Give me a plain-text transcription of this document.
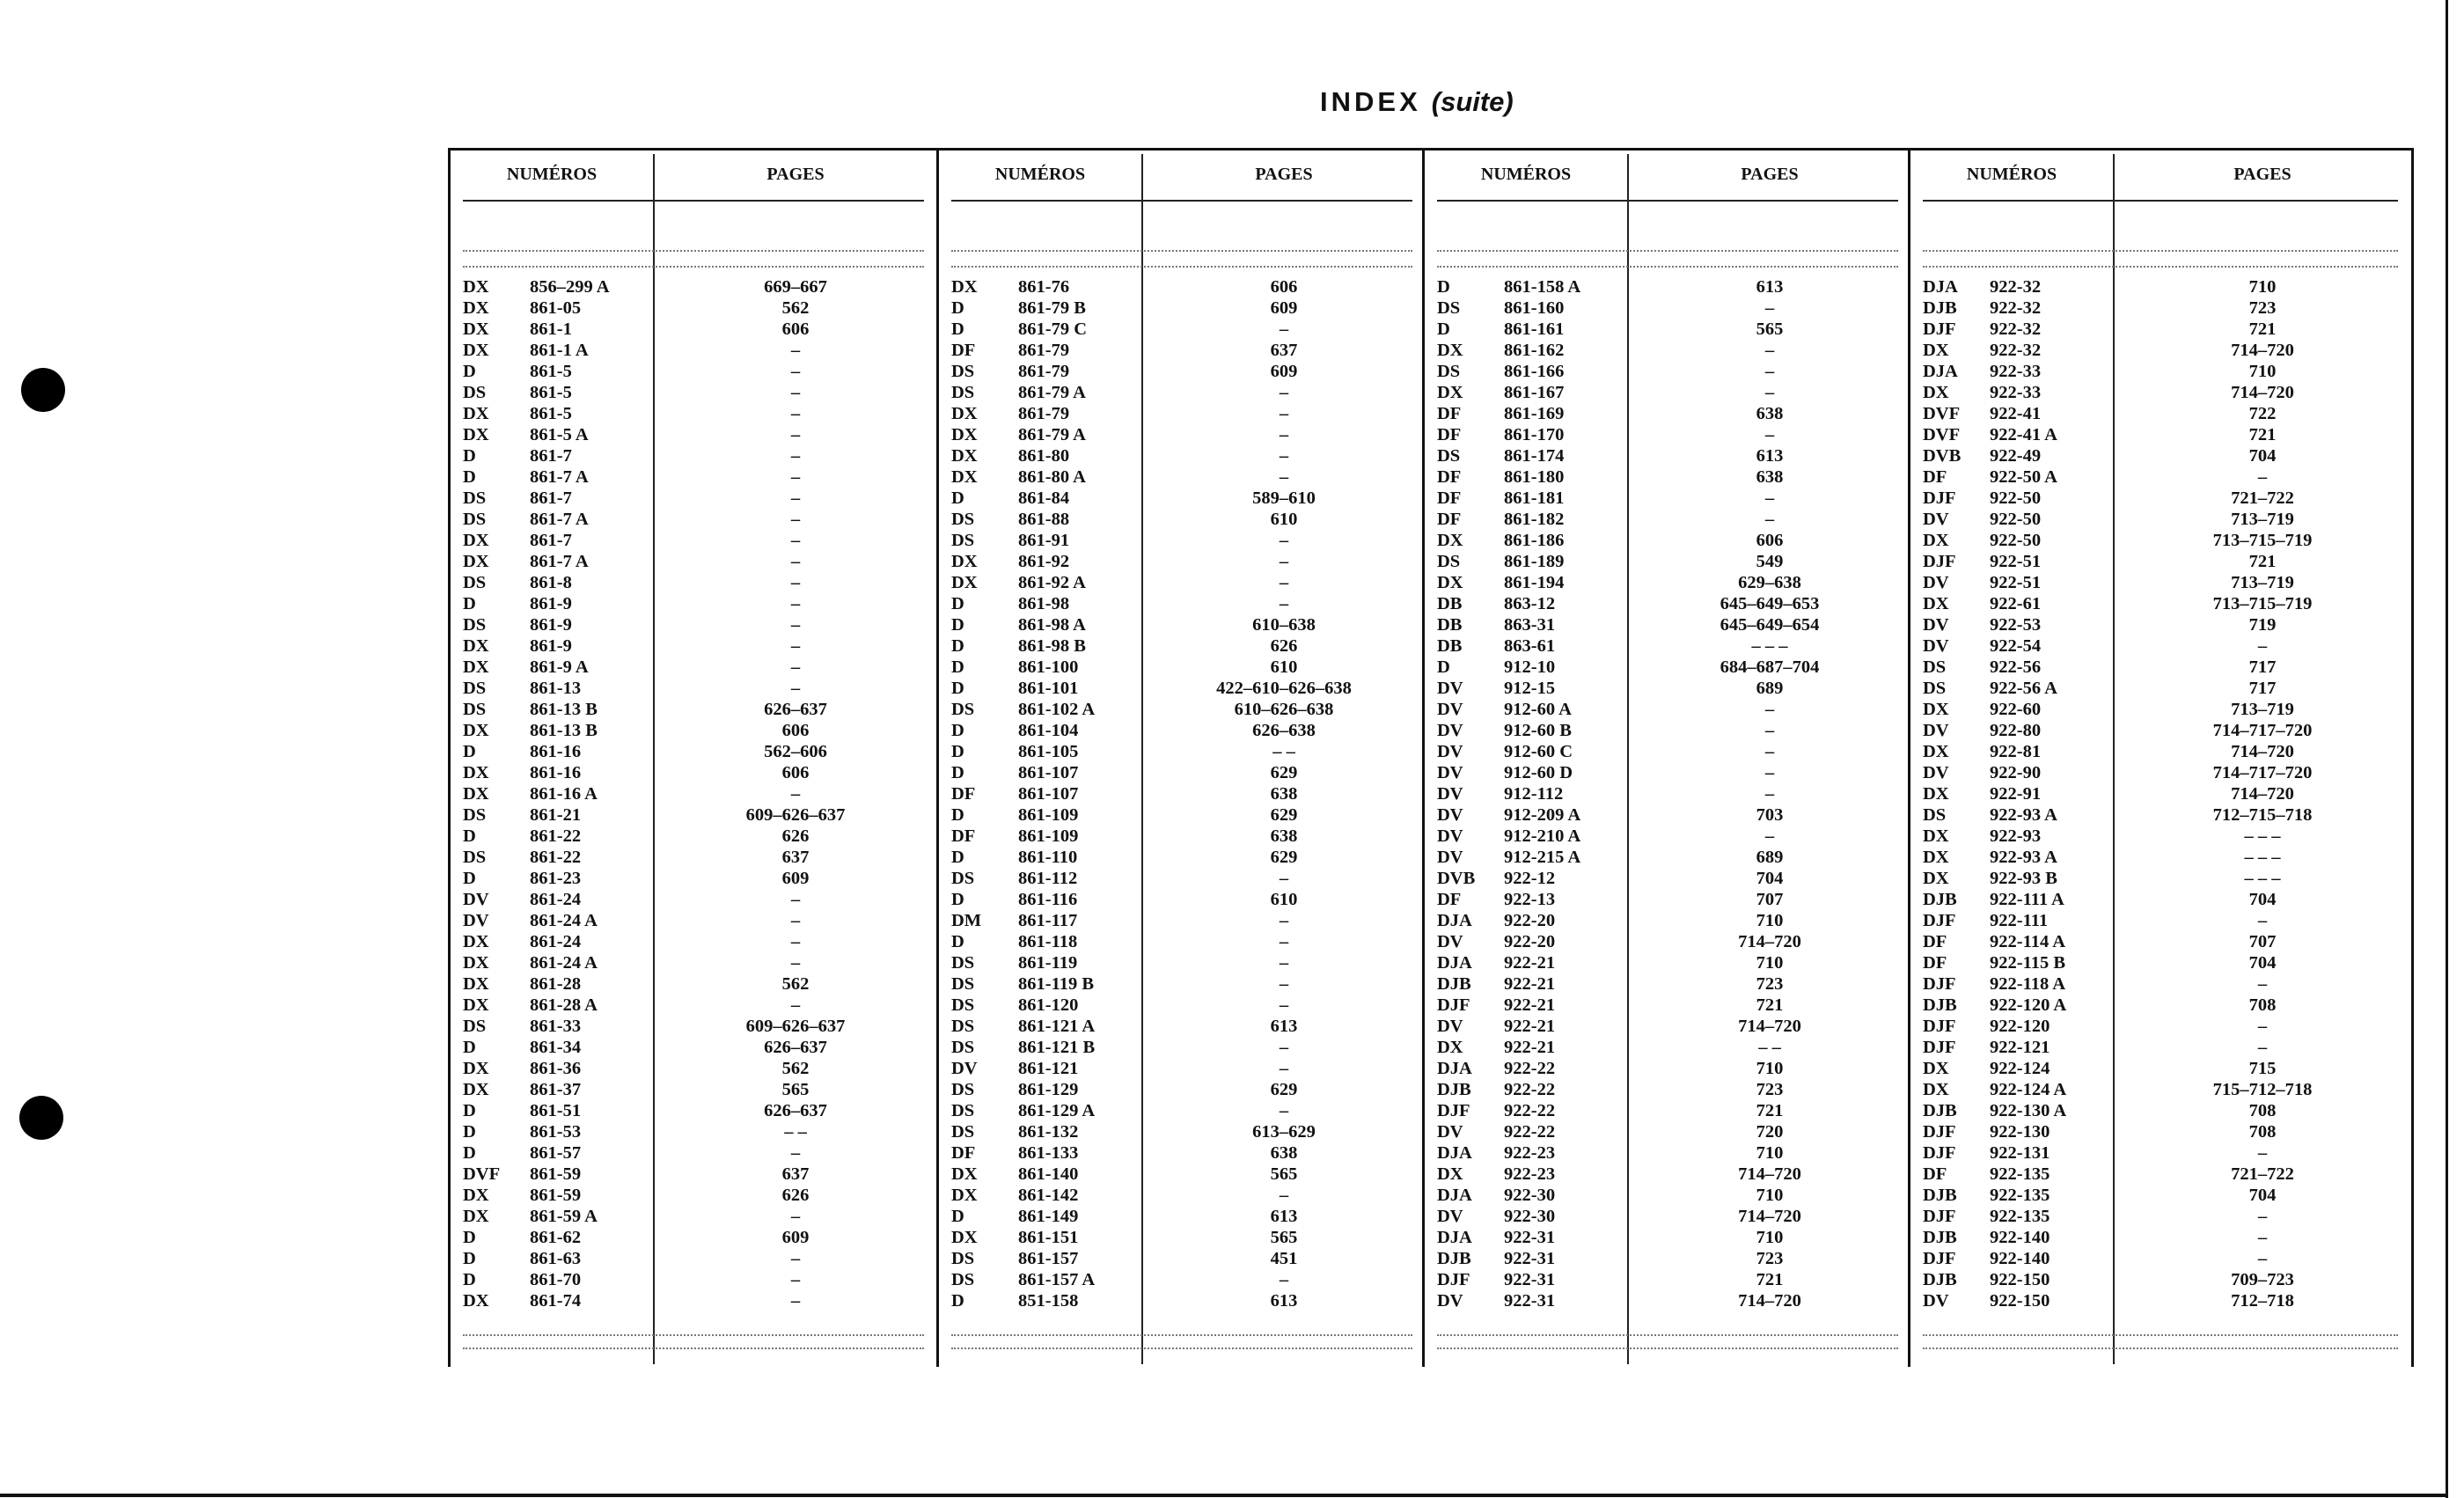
INDEX (suite)
NUMÉROS	PAGES
DX 856–299 A	669–667
DX 861-05	562
DX 861-1	606
DX 861-1 A	–
D	861-5	–
DS 861-5	–
DX 861-5	–
DX 861-5 A	–
D	861-7	–
D	861-7 A	–
DS 861-7	–
DS 861-7 A	–
DX 861-7	–
DX 861-7 A	–
DS 861-8	–
D	861-9	–
DS 861-9	–
DX 861-9	–
DX 861-9 A	–
DS 861-13	–
DS 861-13 B	626–637
DX 861-13 B	606
D	861-16	562–606
DX 861-16	606
DX 861-16 A	–
DS 861-21	609–626–637
D	861-22	626
DS 861-22	637
D	861-23	609
DV 861-24	–
DV 861-24 A	–
DX 861-24	–
DX 861-24 A	–
DX 861-28	562
DX 861-28 A	–
DS 861-33	609–626–637
D	861-34	626–637
DX 861-36	562
DX 861-37	565
D	861-51	626–637
D	861-53	– –
D	861-57	–
DVF 861-59	637
DX 861-59	626
DX 861-59 A	–
D	861-62	609
D	861-63	–
D	861-70	–
DX 861-74	–
NUMÉROS	PAGES
DX 861-76	606
D	861-79 B	609
D	861-79 C	–
DF 861-79	637
DS 861-79	609
DS 861-79 A	–
DX 861-79	–
DX 861-79 A	–
DX 861-80	–
DX 861-80 A	–
D	861-84	589–610
DS 861-88	610
DS 861-91	–
DX 861-92	–
DX 861-92 A	–
D	861-98	–
D	861-98 A	610–638
D	861-98 B	626
D	861-100	610
D	861-101	422–610–626–638
DS 861-102 A	610–626–638
D	861-104	626–638
D	861-105	– –
D	861-107	629
DF 861-107	638
D	861-109	629
DF 861-109	638
D	861-110	629
DS 861-112	–
D	861-116	610
DM 861-117	–
D	861-118	–
DS 861-119	–
DS 861-119 B	–
DS 861-120	–
DS 861-121 A	613
DS 861-121 B	–
DV 861-121	–
DS 861-129	629
DS 861-129 A	–
DS 861-132	613–629
DF 861-133	638
DX 861-140	565
DX 861-142	–
D	861-149	613
DX 861-151	565
DS 861-157	451
DS 861-157 A	–
D	851-158	613
NUMÉROS	PAGES
D	861-158 A	613
DS 861-160	–
D	861-161	565
DX 861-162	–
DS 861-166	–
DX 861-167	–
DF 861-169	638
DF 861-170	–
DS 861-174	613
DF 861-180	638
DF 861-181	–
DF 861-182	–
DX 861-186	606
DS 861-189	549
DX 861-194	629–638
DB 863-12	645–649–653
DB 863-31	645–649–654
DB 863-61	– – –
D	912-10	684–687–704
DV 912-15	689
DV 912-60 A	–
DV 912-60 B	–
DV 912-60 C	–
DV 912-60 D	–
DV 912-112	–
DV 912-209 A	703
DV 912-210 A	–
DV 912-215 A	689
DVB 922-12	704
DF 922-13	707
DJA 922-20	710
DV 922-20	714–720
DJA 922-21	710
DJB 922-21	723
DJF 922-21	721
DV 922-21	714–720
DX 922-21	– –
DJA 922-22	710
DJB 922-22	723
DJF 922-22	721
DV 922-22	720
DJA 922-23	710
DX 922-23	714–720
DJA 922-30	710
DV 922-30	714–720
DJA 922-31	710
DJB 922-31	723
DJF 922-31	721
DV 922-31	714–720
NUMÉROS	PAGES
DJA 922-32	710
DJB 922-32	723
DJF 922-32	721
DX 922-32	714–720
DJA 922-33	710
DX 922-33	714–720
DVF 922-41	722
DVF 922-41 A	721
DVB 922-49	704
DF 922-50 A	–
DJF 922-50	721–722
DV 922-50	713–719
DX 922-50	713–715–719
DJF 922-51	721
DV 922-51	713–719
DX 922-61	713–715–719
DV 922-53	719
DV 922-54	–
DS 922-56	717
DS 922-56 A	717
DX 922-60	713–719
DV 922-80	714–717–720
DX 922-81	714–720
DV 922-90	714–717–720
DX 922-91	714–720
DS 922-93 A	712–715–718
DX 922-93	– – –
DX 922-93 A	– – –
DX 922-93 B	– – –
DJB 922-111 A	704
DJF 922-111	–
DF 922-114 A	707
DF 922-115 B	704
DJF 922-118 A	–
DJB 922-120 A	708
DJF 922-120	–
DJF 922-121	–
DX 922-124	715
DX 922-124 A	715–712–718
DJB 922-130 A	708
DJF 922-130	708
DJF 922-131	–
DF 922-135	721–722
DJB 922-135	704
DJF 922-135	–
DJB 922-140	–
DJF 922-140	–
DJB 922-150	709–723
DV 922-150	712–718
